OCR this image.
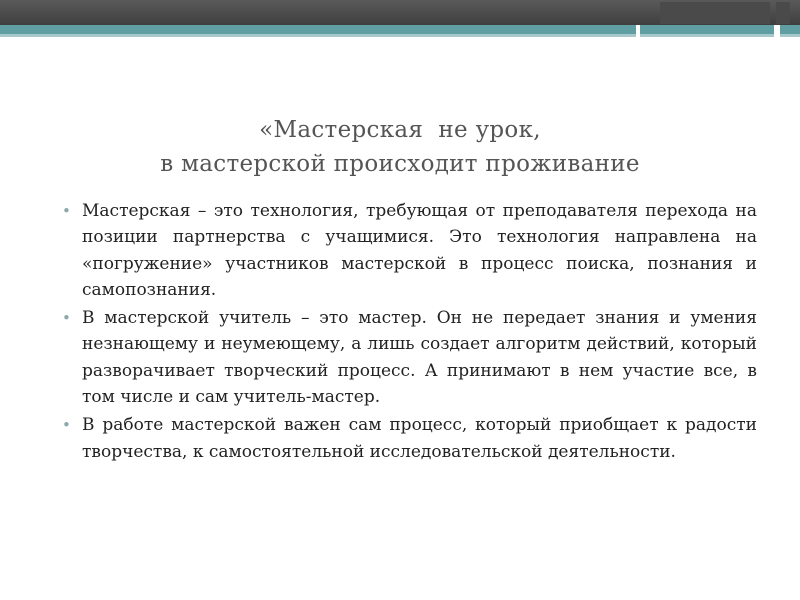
«Мастерская  не урок,
в мастерской происходит проживание
• Мастерская – это технология, требующая от преподавателя перехода на позиции партнерства с учащимися. Это технология направлена на «погружение» участников мастерской в процесс поиска, познания и самопознания.
• В мастерской учитель – это мастер. Он не передает знания и умения незнающему и неумеющему, а лишь создает алгоритм действий, который разворачивает творческий процесс. А принимают в нем участие все, в том числе и сам учитель-мастер.
• В работе мастерской важен сам процесс, который приобщает к радости творчества, к самостоятельной исследовательской деятельности.
